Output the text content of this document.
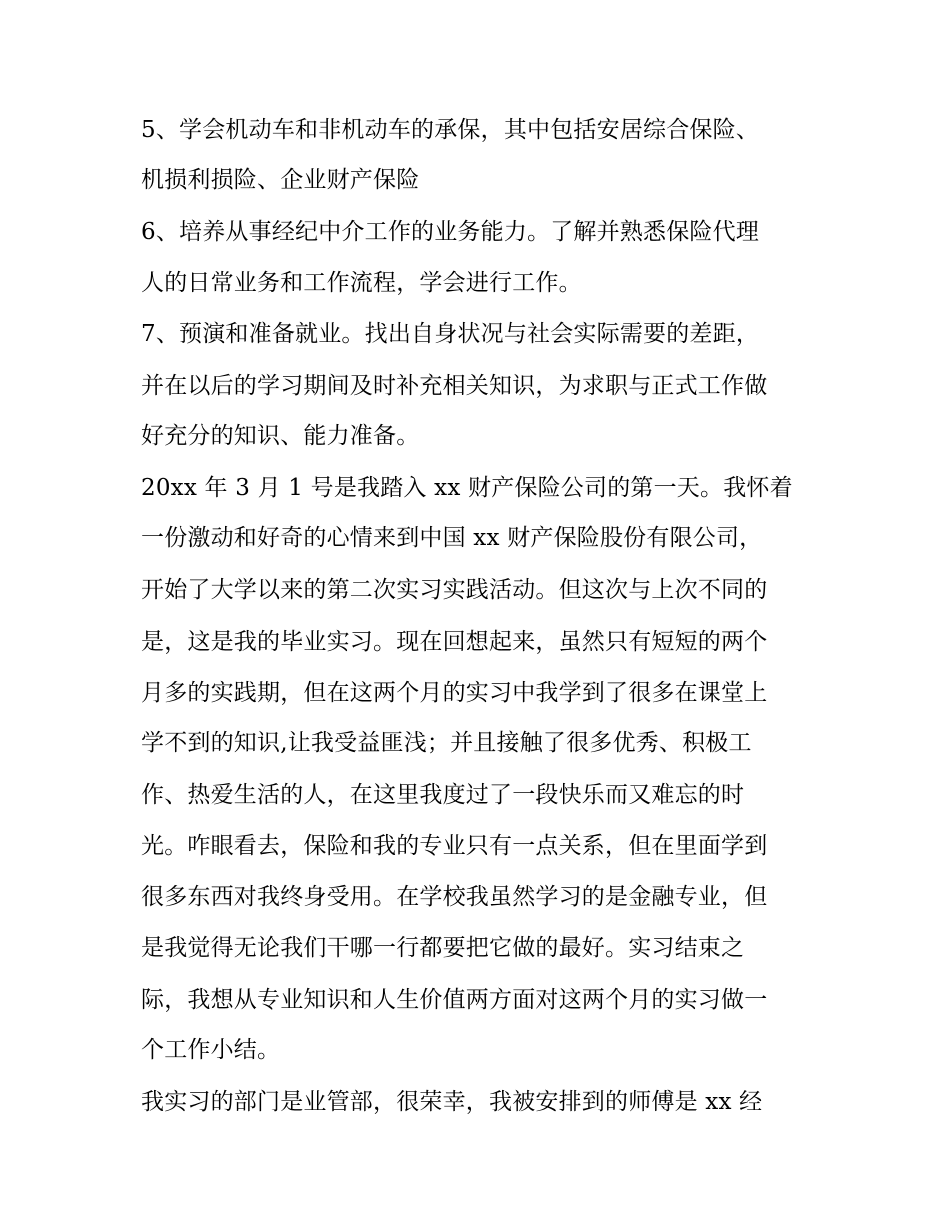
5、学会机动车和非机动车的承保，其中包括安居综合保险、
机损利损险、企业财产保险
6、培养从事经纪中介工作的业务能力。了解并熟悉保险代理
人的日常业务和工作流程，学会进行工作。
7、预演和准备就业。找出自身状况与社会实际需要的差距，
并在以后的学习期间及时补充相关知识，为求职与正式工作做
好充分的知识、能力准备。
20xx 年 3 月 1 号是我踏入 xx 财产保险公司的第一天。我怀着
一份激动和好奇的心情来到中国 xx 财产保险股份有限公司，
开始了大学以来的第二次实习实践活动。但这次与上次不同的
是，这是我的毕业实习。现在回想起来，虽然只有短短的两个
月多的实践期，但在这两个月的实习中我学到了很多在课堂上
学不到的知识,让我受益匪浅；并且接触了很多优秀、积极工
作、热爱生活的人，在这里我度过了一段快乐而又难忘的时
光。咋眼看去，保险和我的专业只有一点关系，但在里面学到
很多东西对我终身受用。在学校我虽然学习的是金融专业，但
是我觉得无论我们干哪一行都要把它做的最好。实习结束之
际，我想从专业知识和人生价值两方面对这两个月的实习做一
个工作小结。
我实习的部门是业管部，很荣幸，我被安排到的师傅是 xx 经
